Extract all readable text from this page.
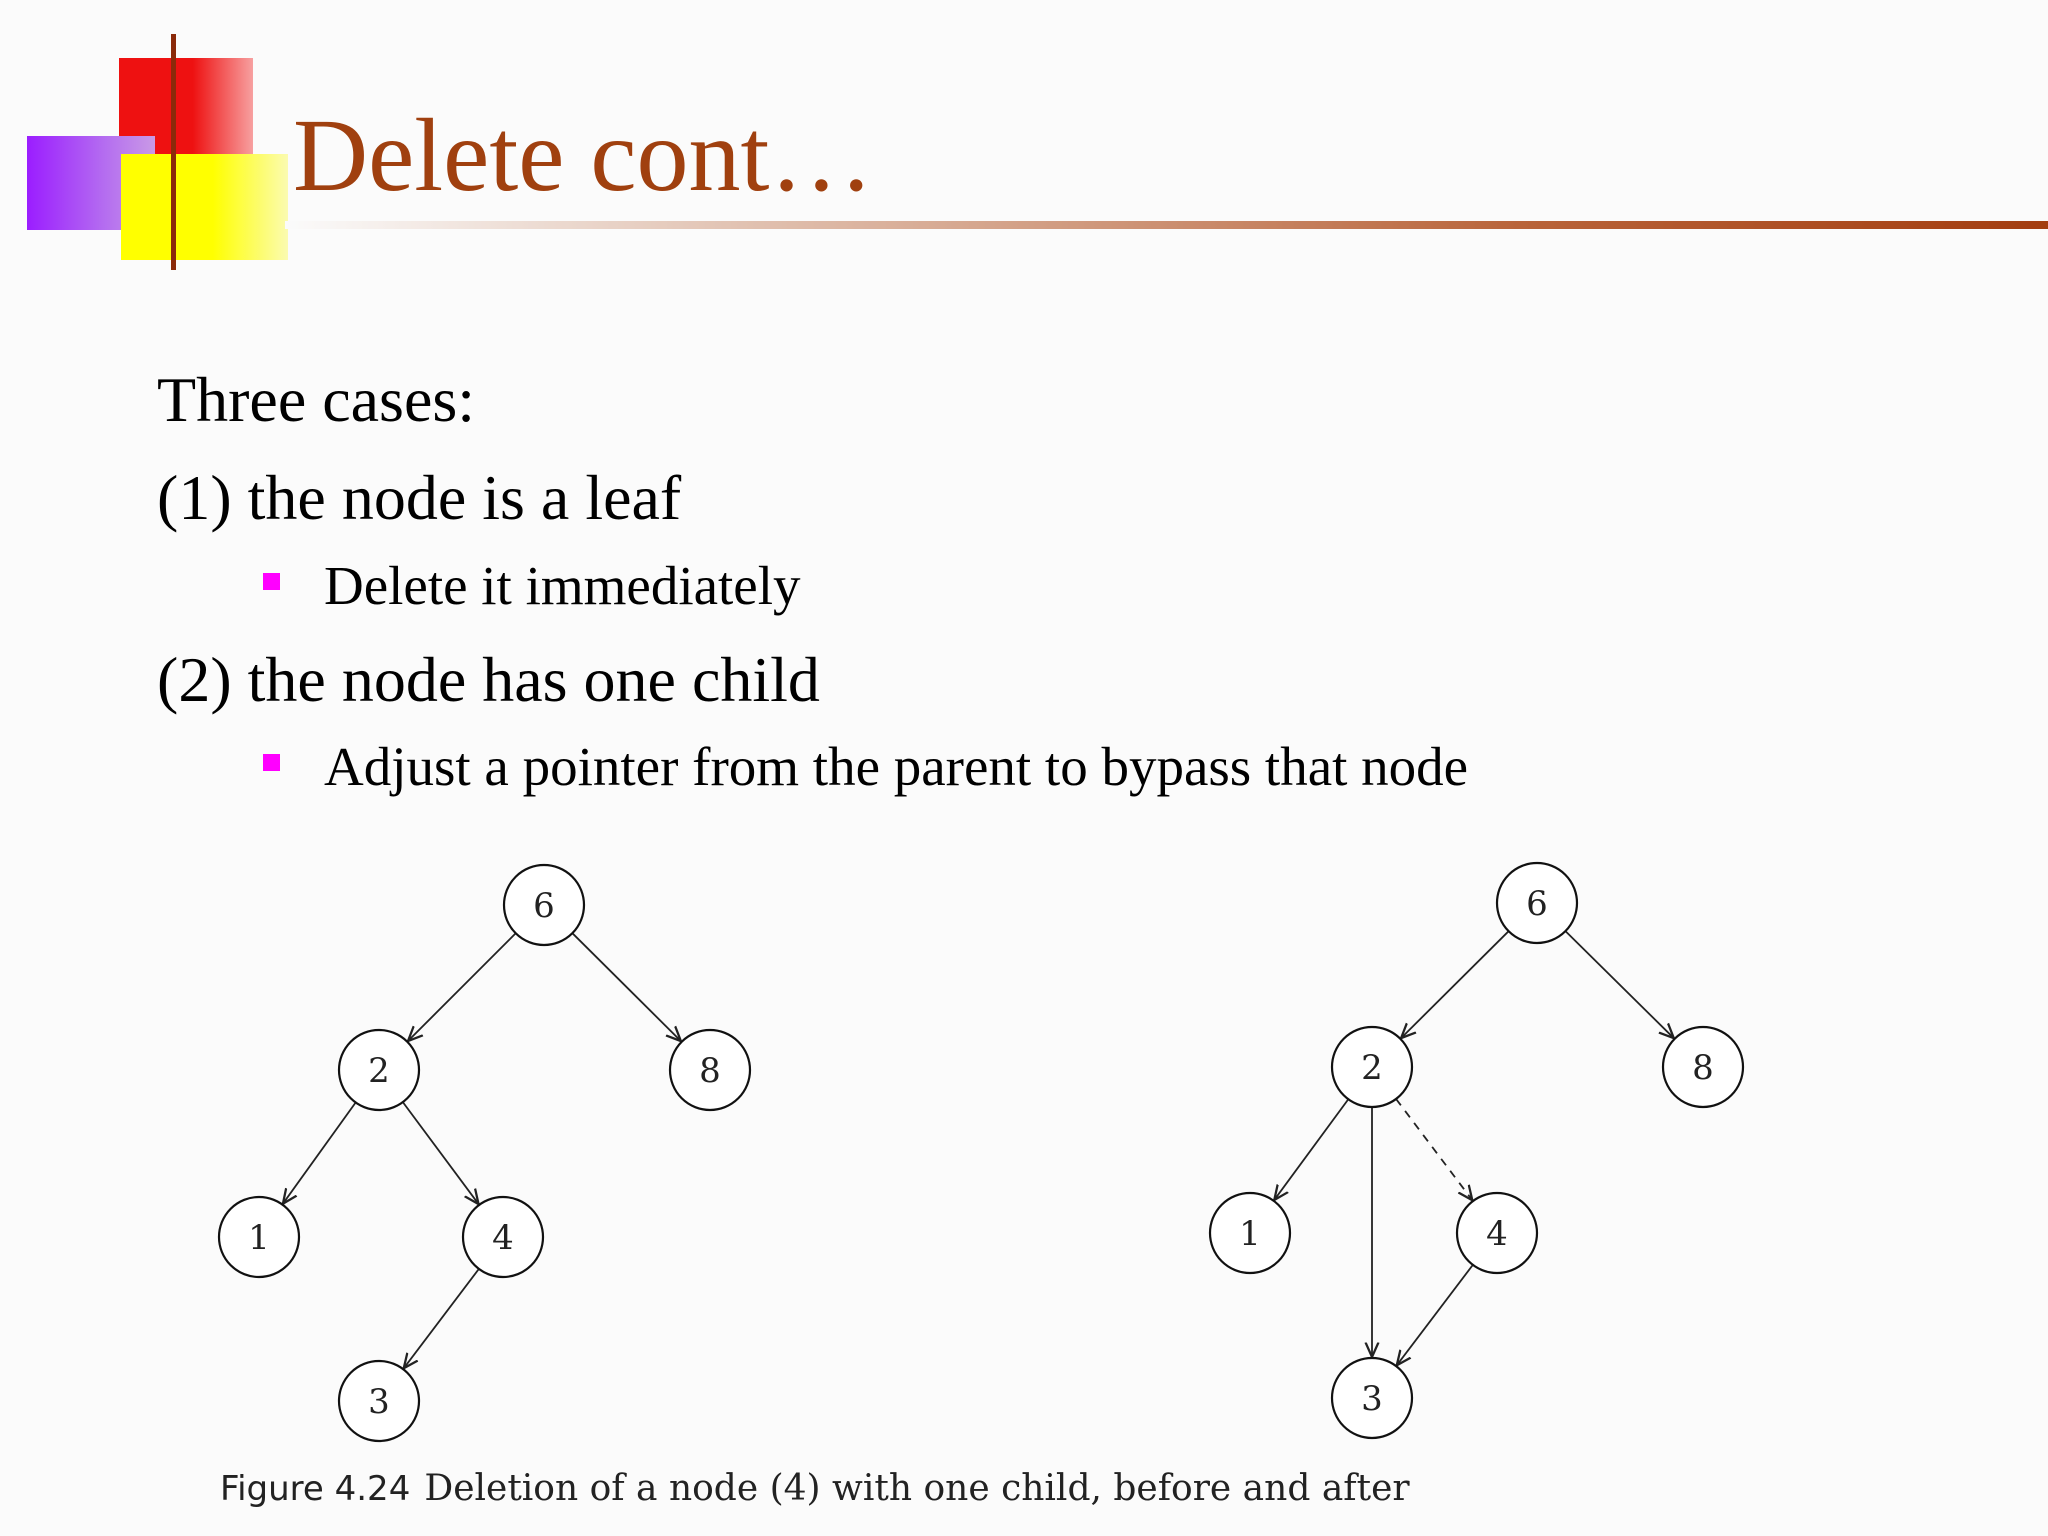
Delete cont…
Three cases:
(1) the node is a leaf
Delete it immediately
(2) the node has one child
Adjust a pointer from the parent to bypass that node
6
2	8
1	4
3
6
2	8
1	4
3
Figure 4.24 Deletion of a node (4) with one child, before and after
